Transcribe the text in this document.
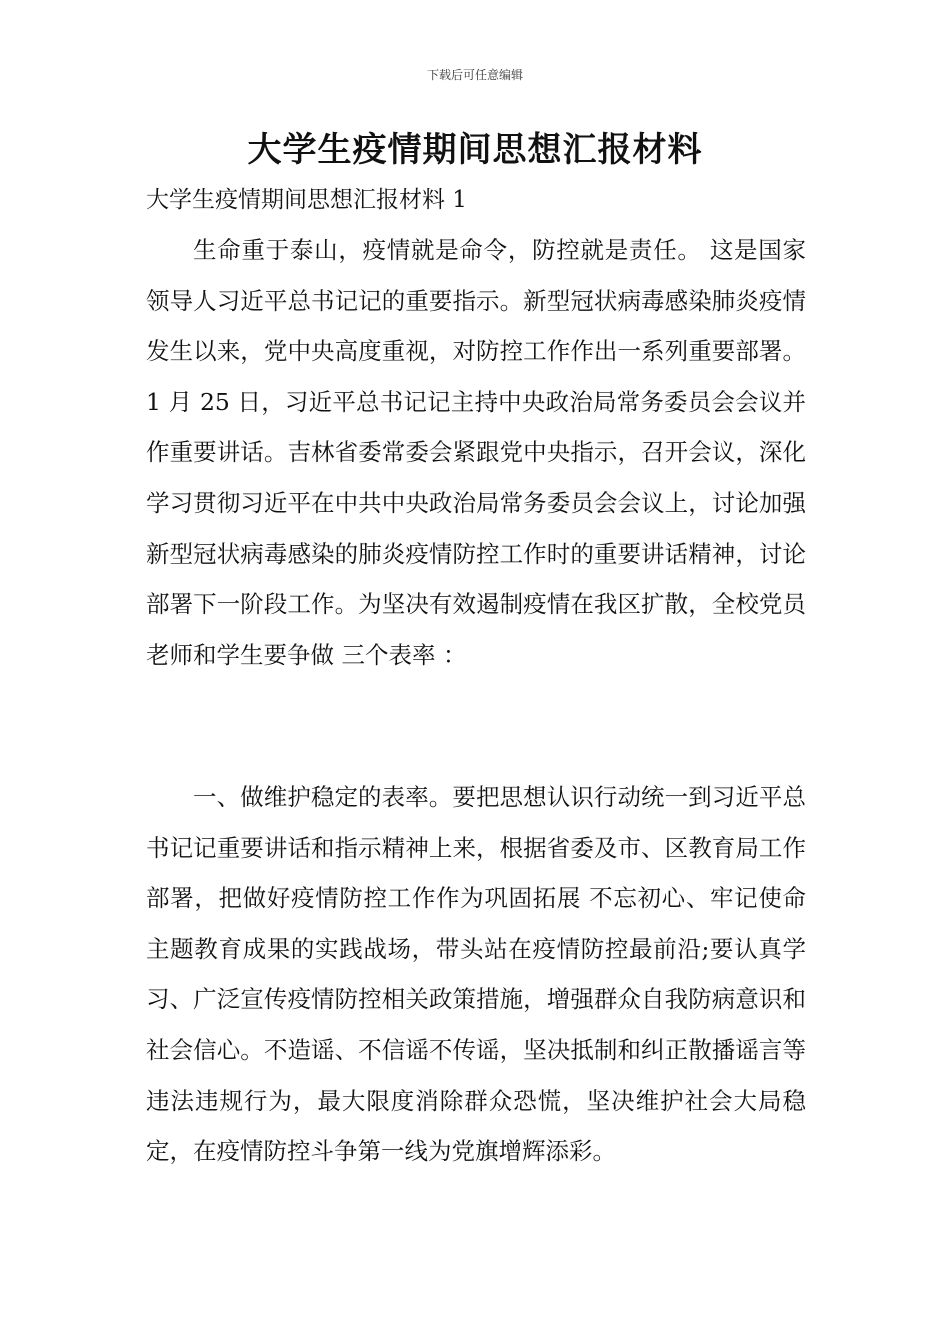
下载后可任意编辑
大学生疫情期间思想汇报材料

大学生疫情期间思想汇报材料 1

生命重于泰山，疫情就是命令，防控就是责任。 这是国家领导人习近平总书记记的重要指示。新型冠状病毒感染肺炎疫情发生以来，党中央高度重视，对防控工作作出一系列重要部署。1 月 25 日，习近平总书记记主持中央政治局常务委员会会议并作重要讲话。吉林省委常委会紧跟党中央指示，召开会议，深化学习贯彻习近平在中共中央政治局常务委员会会议上，讨论加强新型冠状病毒感染的肺炎疫情防控工作时的重要讲话精神，讨论部署下一阶段工作。为坚决有效遏制疫情在我区扩散，全校党员老师和学生要争做 三个表率 ：

一、做维护稳定的表率。要把思想认识行动统一到习近平总书记记重要讲话和指示精神上来，根据省委及市、区教育局工作部署，把做好疫情防控工作作为巩固拓展 不忘初心、牢记使命 主题教育成果的实践战场，带头站在疫情防控最前沿;要认真学习、广泛宣传疫情防控相关政策措施，增强群众自我防病意识和社会信心。不造谣、不信谣不传谣，坚决抵制和纠正散播谣言等违法违规行为，最大限度消除群众恐慌，坚决维护社会大局稳定，在疫情防控斗争第一线为党旗增辉添彩。
